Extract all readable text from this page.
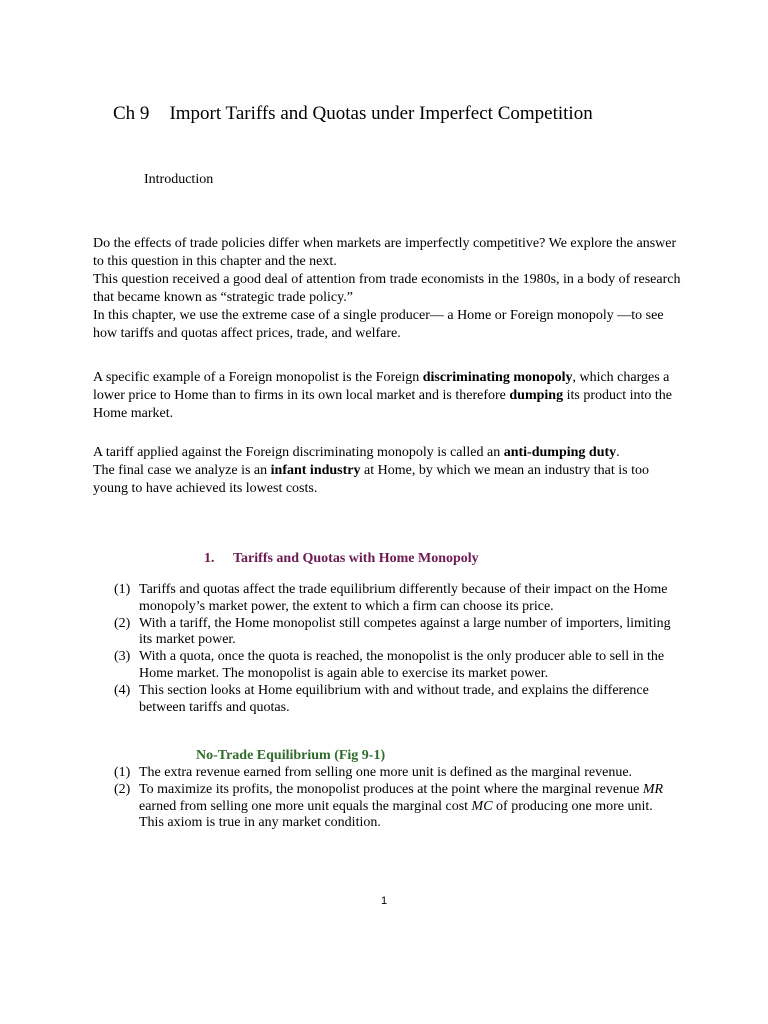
Ch 9 Import Tariffs and Quotas under Imperfect Competition
Introduction

Do the effects of trade policies differ when markets are imperfectly competitive? We explore the answer to this question in this chapter and the next.

This question received a good deal of attention from trade economists in the 1980s, in a body of research that became known as “strategic trade policy.”

In this chapter, we use the extreme case of a single producer— a Home or Foreign monopoly —to see how tariffs and quotas affect prices, trade, and welfare.

A specific example of a Foreign monopolist is the Foreign discriminating monopoly, which charges a lower price to Home than to firms in its own local market and is therefore dumping its product into the Home market.

A tariff applied against the Foreign discriminating monopoly is called an anti-dumping duty.

The final case we analyze is an infant industry at Home, by which we mean an industry that is too young to have achieved its lowest costs.

1. Tariffs and Quotas with Home Monopoly
(1) Tariffs and quotas affect the trade equilibrium differently because of their impact on the Home monopoly’s market power, the extent to which a firm can choose its price.
(2) With a tariff, the Home monopolist still competes against a large number of importers, limiting its market power.
(3) With a quota, once the quota is reached, the monopolist is the only producer able to sell in the Home market. The monopolist is again able to exercise its market power.
(4) This section looks at Home equilibrium with and without trade, and explains the difference between tariffs and quotas.
No-Trade Equilibrium (Fig 9-1)
(1) The extra revenue earned from selling one more unit is defined as the marginal revenue.
(2) To maximize its profits, the monopolist produces at the point where the marginal revenue MR earned from selling one more unit equals the marginal cost MC of producing one more unit. This axiom is true in any market condition.
1
